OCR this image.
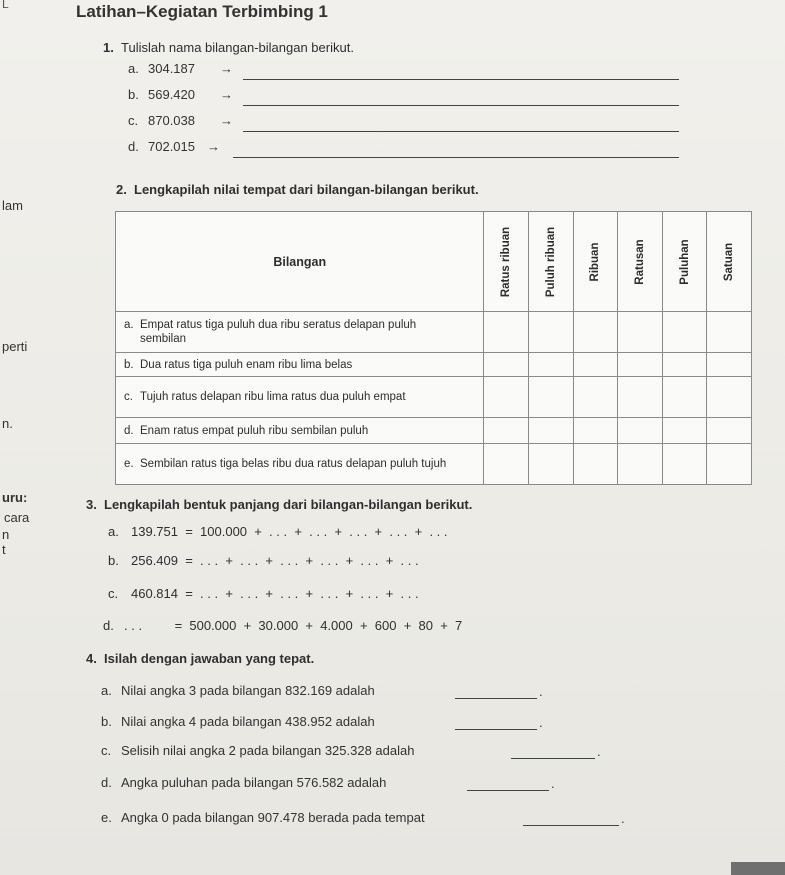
L	Latihan–Kegiatan Terbimbing 1
lam
perti
n.
uru:
cara
n
t
1. Tulislah nama bilangan-bilangan berikut.
a. 304.187 →
b. 569.420 →
c. 870.038 →
d. 702.015 →
2. Lengkapilah nilai tempat dari bilangan-bilangan berikut.
Bilangan	Ratus ribuan	Puluh ribuan	Ribuan	Ratusan	Puluhan	Satuan

a. Empat ratus tiga puluh dua ribu seratus delapan puluh sembilan						
b. Dua ratus tiga puluh enam ribu lima belas						
c. Tujuh ratus delapan ribu lima ratus dua puluh empat						
d. Enam ratus empat puluh ribu sembilan puluh						
e. Sembilan ratus tiga belas ribu dua ratus delapan puluh tujuh						
3. Lengkapilah bentuk panjang dari bilangan-bilangan berikut.
a. 139.751  =  100.000  +  . . .  +  . . .  +  . . .  +  . . .  +  . . .
b. 256.409  =  . . .  +  . . .  +  . . .  +  . . .  +  . . .  +  . . .
c. 460.814  =  . . .  +  . . .  +  . . .  +  . . .  +  . . .  +  . . .
d. . . .         =  500.000  +  30.000  +  4.000  +  600  +  80  +  7
4. Isilah dengan jawaban yang tepat.
a. Nilai angka 3 pada bilangan 832.169 adalah	.
b. Nilai angka 4 pada bilangan 438.952 adalah	.
c. Selisih nilai angka 2 pada bilangan 325.328 adalah	.
d. Angka puluhan pada bilangan 576.582 adalah	.
e. Angka 0 pada bilangan 907.478 berada pada tempat	.
